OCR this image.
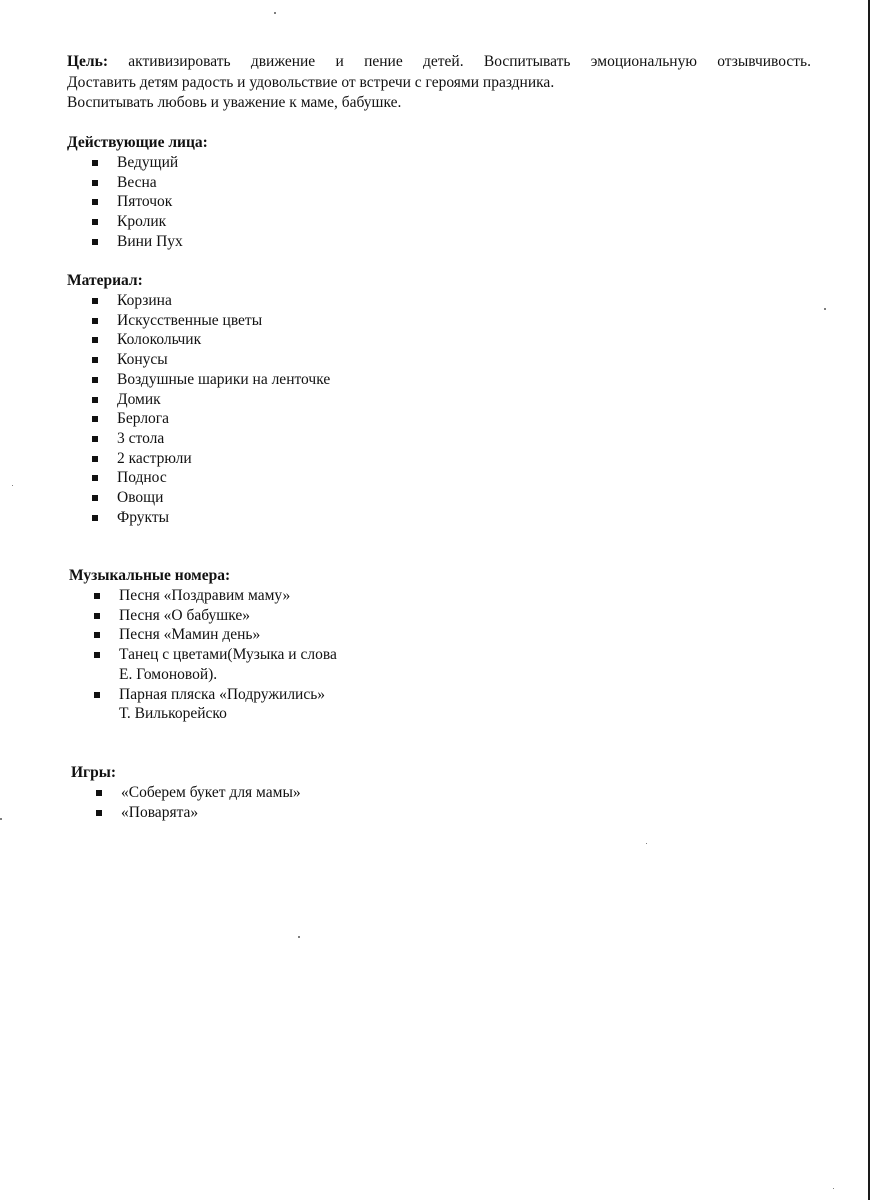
Цель: активизировать движение и пение детей. Воспитывать эмоциональную отзывчивость.

Доставить детям радость и удовольствие от встречи с героями праздника.

Воспитывать любовь и уважение к маме, бабушке.

Действующие лица:
Ведущий
Весна
Пяточок
Кролик
Вини Пух
Материал:
Корзина
Искусственные цветы
Колокольчик
Конусы
Воздушные шарики на ленточке
Домик
Берлога
3 стола
2 кастрюли
Поднос
Овощи
Фрукты
Музыкальные номера:
Песня «Поздравим маму»
Песня «О бабушке»
Песня «Мамин день»
Танец с цветами(Музыка и слова
Е. Гомоновой).
Парная пляска «Подружились»
Т. Вилькорейско
Игры:
«Соберем букет для мамы»
«Поварята»
